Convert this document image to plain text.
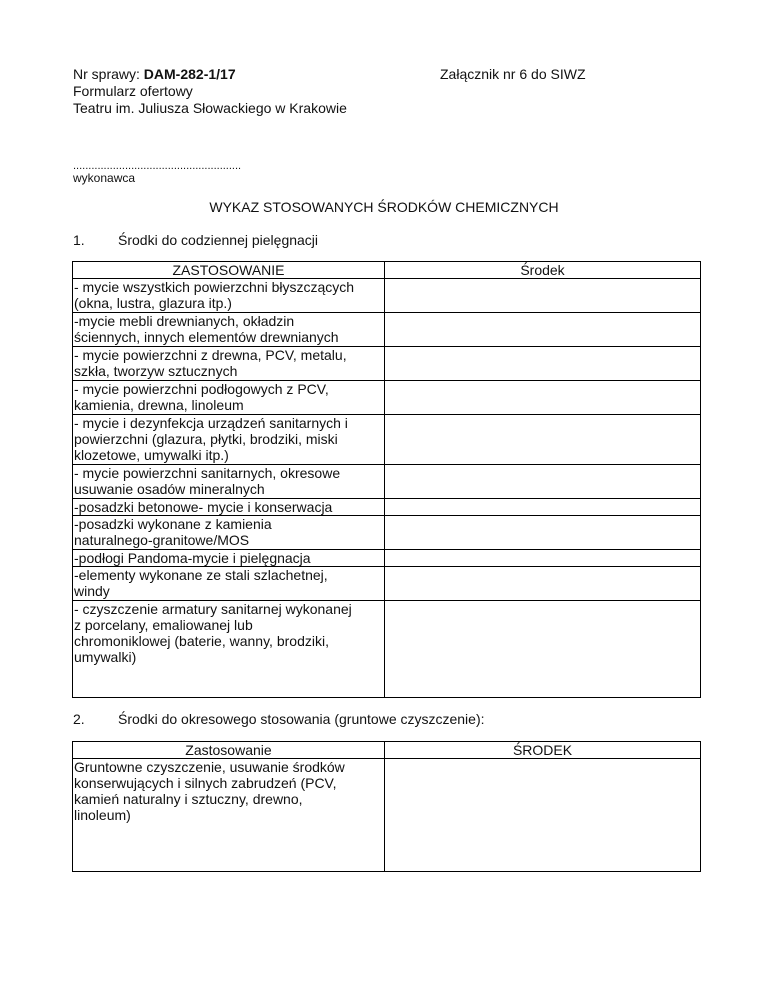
Nr sprawy: DAM-282-1/17
Formularz ofertowy
Teatru im. Juliusza Słowackiego w Krakowie
Załącznik nr 6 do SIWZ
.......................................................
wykonawca
WYKAZ STOSOWANYCH ŚRODKÓW CHEMICZNYCH
1. Środki do codziennej pielęgnacji
ZASTOSOWANIE	Środek

- mycie wszystkich powierzchni błyszczących
(okna, lustra, glazura itp.)	

-mycie mebli drewnianych, okładzin
ściennych, innych elementów drewnianych	

- mycie powierzchni z drewna, PCV, metalu,
szkła, tworzyw sztucznych	

- mycie powierzchni podłogowych z PCV,
kamienia, drewna, linoleum	

- mycie i dezynfekcja urządzeń sanitarnych i
powierzchni (glazura, płytki, brodziki, miski
klozetowe, umywalki itp.)	

- mycie powierzchni sanitarnych, okresowe
usuwanie osadów mineralnych	

-posadzki betonowe- mycie i konserwacja	

-posadzki wykonane z kamienia
naturalnego-granitowe/MOS	

-podłogi Pandoma-mycie i pielęgnacja	

-elementy wykonane ze stali szlachetnej,
windy	

- czyszczenie armatury sanitarnej wykonanej
z porcelany, emaliowanej lub
chromoniklowej (baterie, wanny, brodziki,
umywalki)	

2. Środki do okresowego stosowania (gruntowe czyszczenie):
Zastosowanie	ŚRODEK

Gruntowne czyszczenie, usuwanie środków
konserwujących i silnych zabrudzeń (PCV,
kamień naturalny i sztuczny, drewno,
linoleum)	
